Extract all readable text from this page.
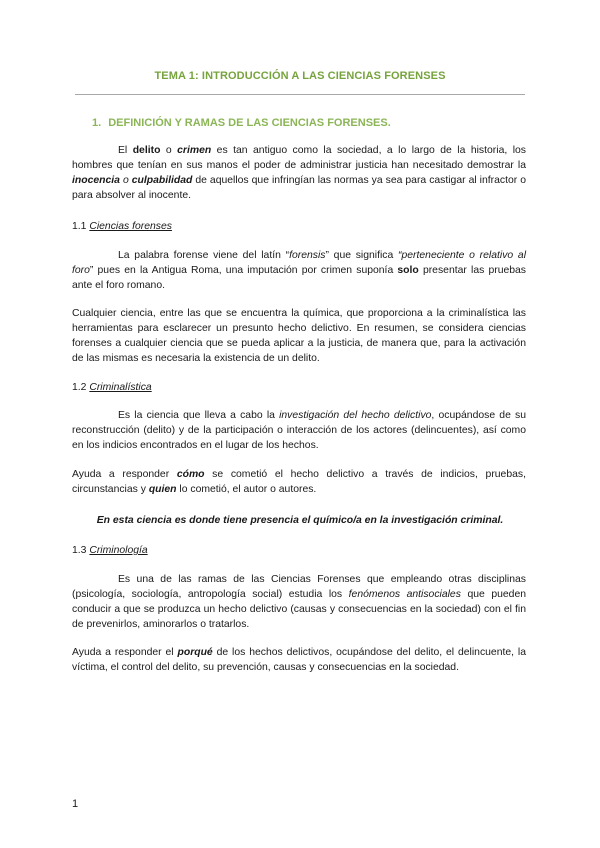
TEMA 1: INTRODUCCIÓN A LAS CIENCIAS FORENSES
1. DEFINICIÓN Y RAMAS DE LAS CIENCIAS FORENSES.

El delito o crimen es tan antiguo como la sociedad, a lo largo de la historia, los hombres que tenían en sus manos el poder de administrar justicia han necesitado demostrar la inocencia o culpabilidad de aquellos que infringían las normas ya sea para castigar al infractor o para absolver al inocente.

1.1 Ciencias forenses

La palabra forense viene del latín “forensis” que significa “perteneciente o relativo al foro” pues en la Antigua Roma, una imputación por crimen suponía solo presentar las pruebas ante el foro romano.

Cualquier ciencia, entre las que se encuentra la química, que proporciona a la criminalística las herramientas para esclarecer un presunto hecho delictivo. En resumen, se considera ciencias forenses a cualquier ciencia que se pueda aplicar a la justicia, de manera que, para la activación de las mismas es necesaria la existencia de un delito.

1.2 Criminalística

Es la ciencia que lleva a cabo la investigación del hecho delictivo, ocupándose de su reconstrucción (delito) y de la participación o interacción de los actores (delincuentes), así como en los indicios encontrados en el lugar de los hechos.

Ayuda a responder cómo se cometió el hecho delictivo a través de indicios, pruebas, circunstancias y quien lo cometió, el autor o autores.

En esta ciencia es donde tiene presencia el químico/a en la investigación criminal.
1.3 Criminología

Es una de las ramas de las Ciencias Forenses que empleando otras disciplinas (psicología, sociología, antropología social) estudia los fenómenos antisociales que pueden conducir a que se produzca un hecho delictivo (causas y consecuencias en la sociedad) con el fin de prevenirlos, aminorarlos o tratarlos.

Ayuda a responder el porqué de los hechos delictivos, ocupándose del delito, el delincuente, la víctima, el control del delito, su prevención, causas y consecuencias en la sociedad.

1
